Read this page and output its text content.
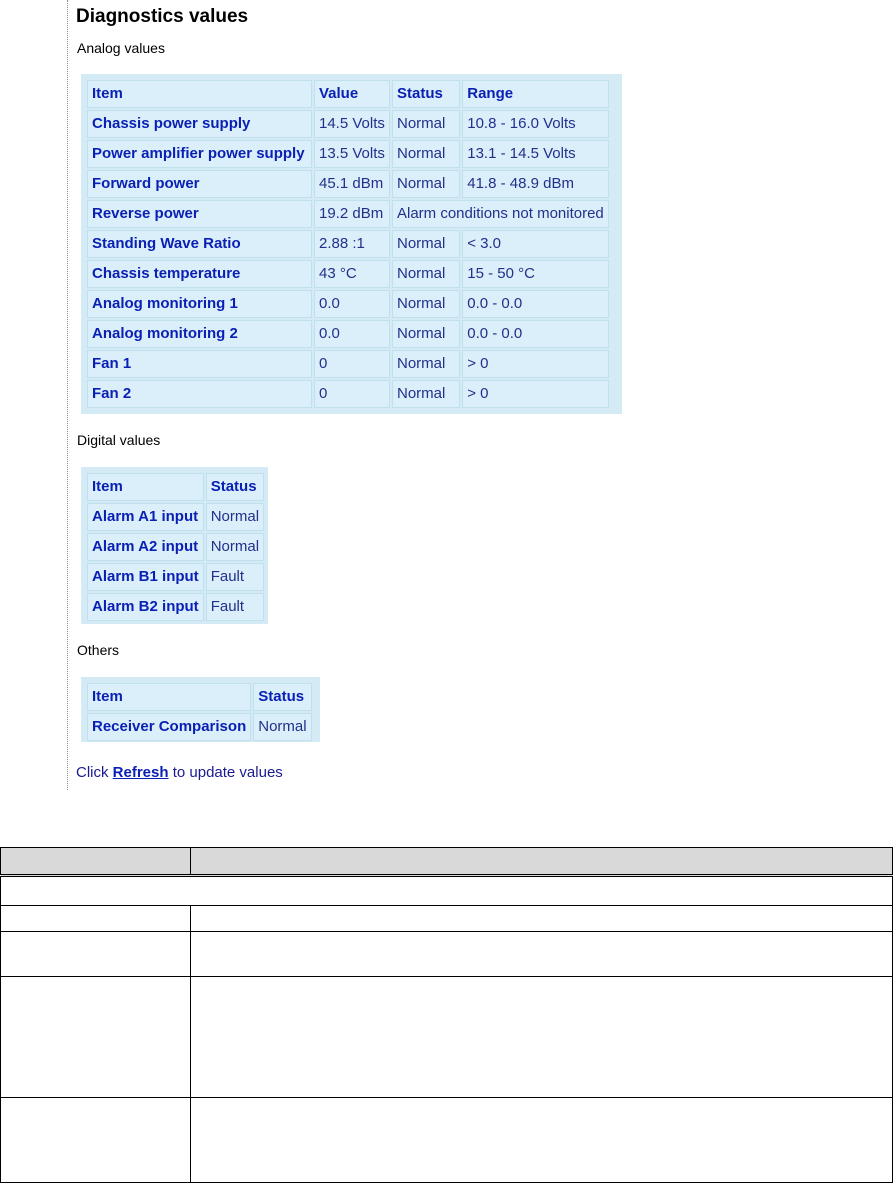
Diagnostics values
Analog values
Item	Value	Status	Range
Chassis power supply	14.5 Volts	Normal	10.8 - 16.0 Volts
Power amplifier power supply	13.5 Volts	Normal	13.1 - 14.5 Volts
Forward power	45.1 dBm	Normal	41.8 - 48.9 dBm
Reverse power	19.2 dBm	Alarm conditions not monitored	
Standing Wave Ratio	2.88 :1	Normal	< 3.0
Chassis temperature	43 °C	Normal	15 - 50 °C
Analog monitoring 1	0.0	Normal	0.0 - 0.0
Analog monitoring 2	0.0	Normal	0.0 - 0.0
Fan 1	0	Normal	> 0
Fan 2	0	Normal	> 0
Digital values
Item	Status
Alarm A1 input	Normal
Alarm A2 input	Normal
Alarm B1 input	Fault
Alarm B2 input	Fault
Others
Item	Status
Receiver Comparison	Normal
Click Refresh to update values
